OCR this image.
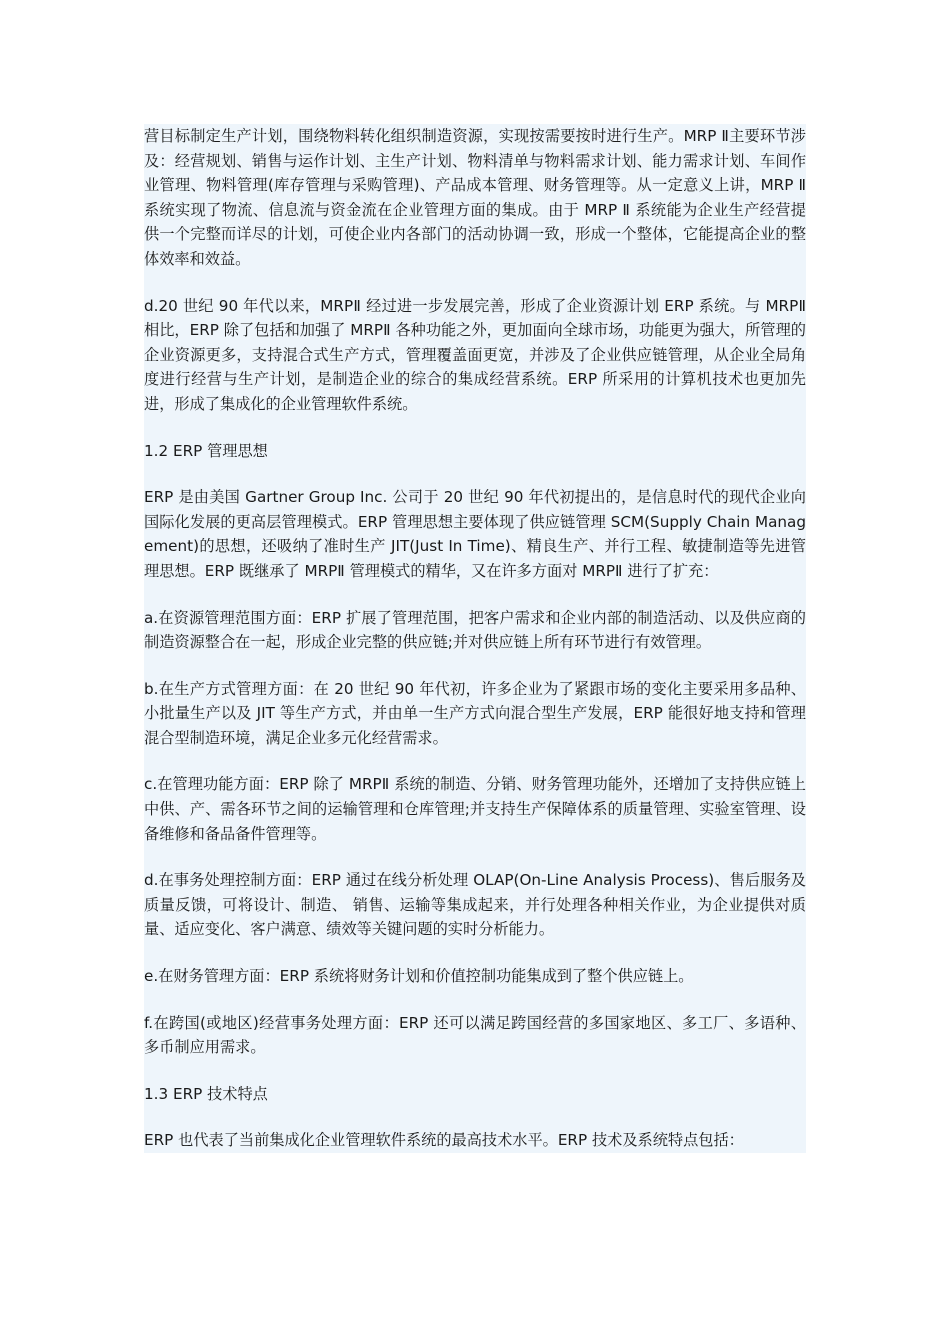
营目标制定生产计划，围绕物料转化组织制造资源，实现按需要按时进行生产。MRP Ⅱ主要环节涉及：经营规划、销售与运作计划、主生产计划、物料清单与物料需求计划、能力需求计划、车间作业管理、物料管理(库存管理与采购管理)、产品成本管理、财务管理等。从一定意义上讲，MRP Ⅱ 系统实现了物流、信息流与资金流在企业管理方面的集成。由于 MRP Ⅱ 系统能为企业生产经营提供一个完整而详尽的计划，可使企业内各部门的活动协调一致，形成一个整体，它能提高企业的整体效率和效益。

d.20 世纪 90 年代以来，MRPⅡ 经过进一步发展完善，形成了企业资源计划 ERP 系统。与 MRPⅡ 相比，ERP 除了包括和加强了 MRPⅡ 各种功能之外，更加面向全球市场，功能更为强大，所管理的企业资源更多，支持混合式生产方式，管理覆盖面更宽，并涉及了企业供应链管理，从企业全局角度进行经营与生产计划，是制造企业的综合的集成经营系统。ERP 所采用的计算机技术也更加先进，形成了集成化的企业管理软件系统。

1.2 ERP 管理思想

ERP 是由美国 Gartner Group Inc. 公司于 20 世纪 90 年代初提出的，是信息时代的现代企业向国际化发展的更高层管理模式。ERP 管理思想主要体现了供应链管理 SCM(Supply Chain Management)的思想，还吸纳了准时生产 JIT(Just In Time)、精良生产、并行工程、敏捷制造等先进管理思想。ERP 既继承了 MRPⅡ 管理模式的精华，又在许多方面对 MRPⅡ 进行了扩充：

a.在资源管理范围方面：ERP 扩展了管理范围，把客户需求和企业内部的制造活动、以及供应商的制造资源整合在一起，形成企业完整的供应链;并对供应链上所有环节进行有效管理。

b.在生产方式管理方面：在 20 世纪 90 年代初，许多企业为了紧跟市场的变化主要采用多品种、小批量生产以及 JIT 等生产方式，并由单一生产方式向混合型生产发展，ERP 能很好地支持和管理混合型制造环境，满足企业多元化经营需求。

c.在管理功能方面：ERP 除了 MRPⅡ 系统的制造、分销、财务管理功能外，还增加了支持供应链上中供、产、需各环节之间的运输管理和仓库管理;并支持生产保障体系的质量管理、实验室管理、设备维修和备品备件管理等。

d.在事务处理控制方面：ERP 通过在线分析处理 OLAP(On-Line Analysis Process)、售后服务及质量反馈，可将设计、制造、 销售、运输等集成起来，并行处理各种相关作业，为企业提供对质量、适应变化、客户满意、绩效等关键问题的实时分析能力。

e.在财务管理方面：ERP 系统将财务计划和价值控制功能集成到了整个供应链上。

f.在跨国(或地区)经营事务处理方面：ERP 还可以满足跨国经营的多国家地区、多工厂、多语种、多币制应用需求。

1.3 ERP 技术特点

ERP 也代表了当前集成化企业管理软件系统的最高技术水平。ERP 技术及系统特点包括：
